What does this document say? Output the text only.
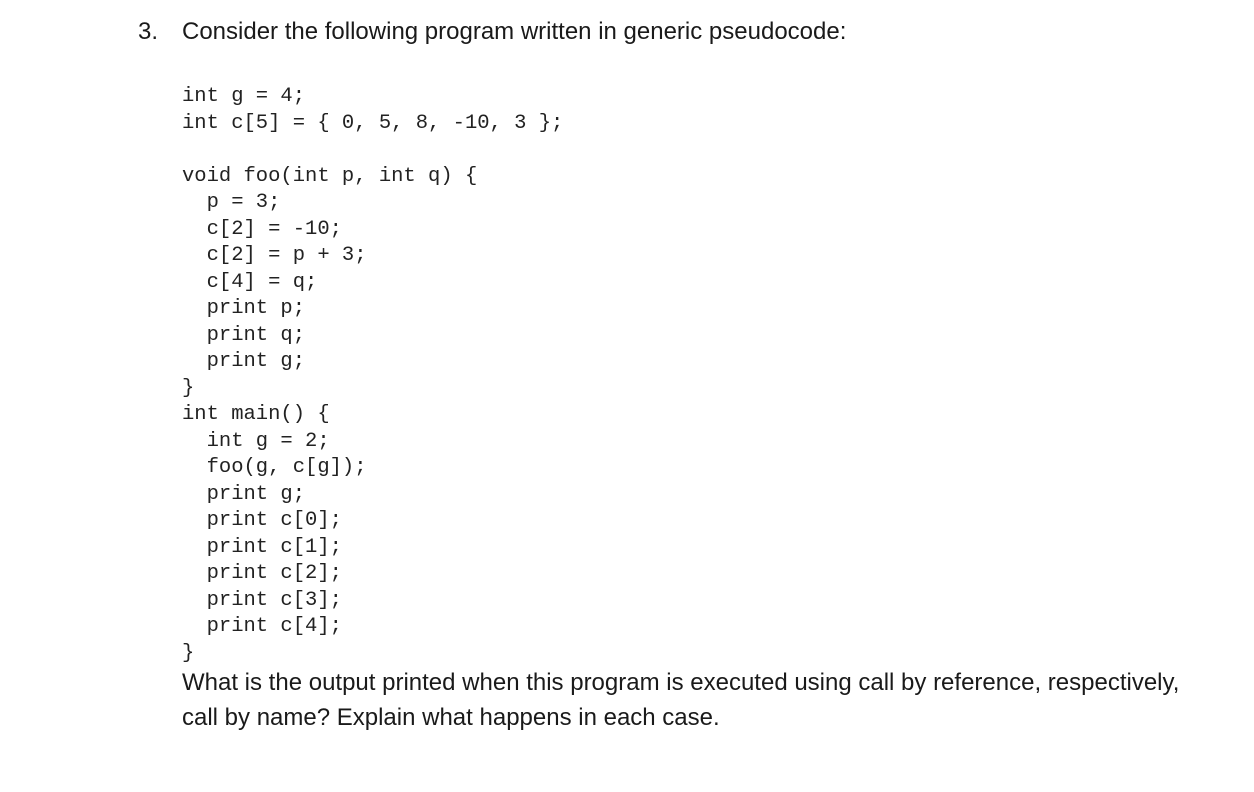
3. Consider the following program written in generic pseudocode:
int g = 4;
int c[5] = { 0, 5, 8, -10, 3 };
void foo(int p, int q) {
p = 3;
c[2] = -10;
c[2] = p + 3;
c[4] = q;
print p;
print q;
print g;
}
int main() {
int g = 2;
foo(g, c[g]);
print g;
print c[0];
print c[1];
print c[2];
print c[3];
print c[4];
}
What is the output printed when this program is executed using call by reference, respectively, call by name? Explain what happens in each case.
